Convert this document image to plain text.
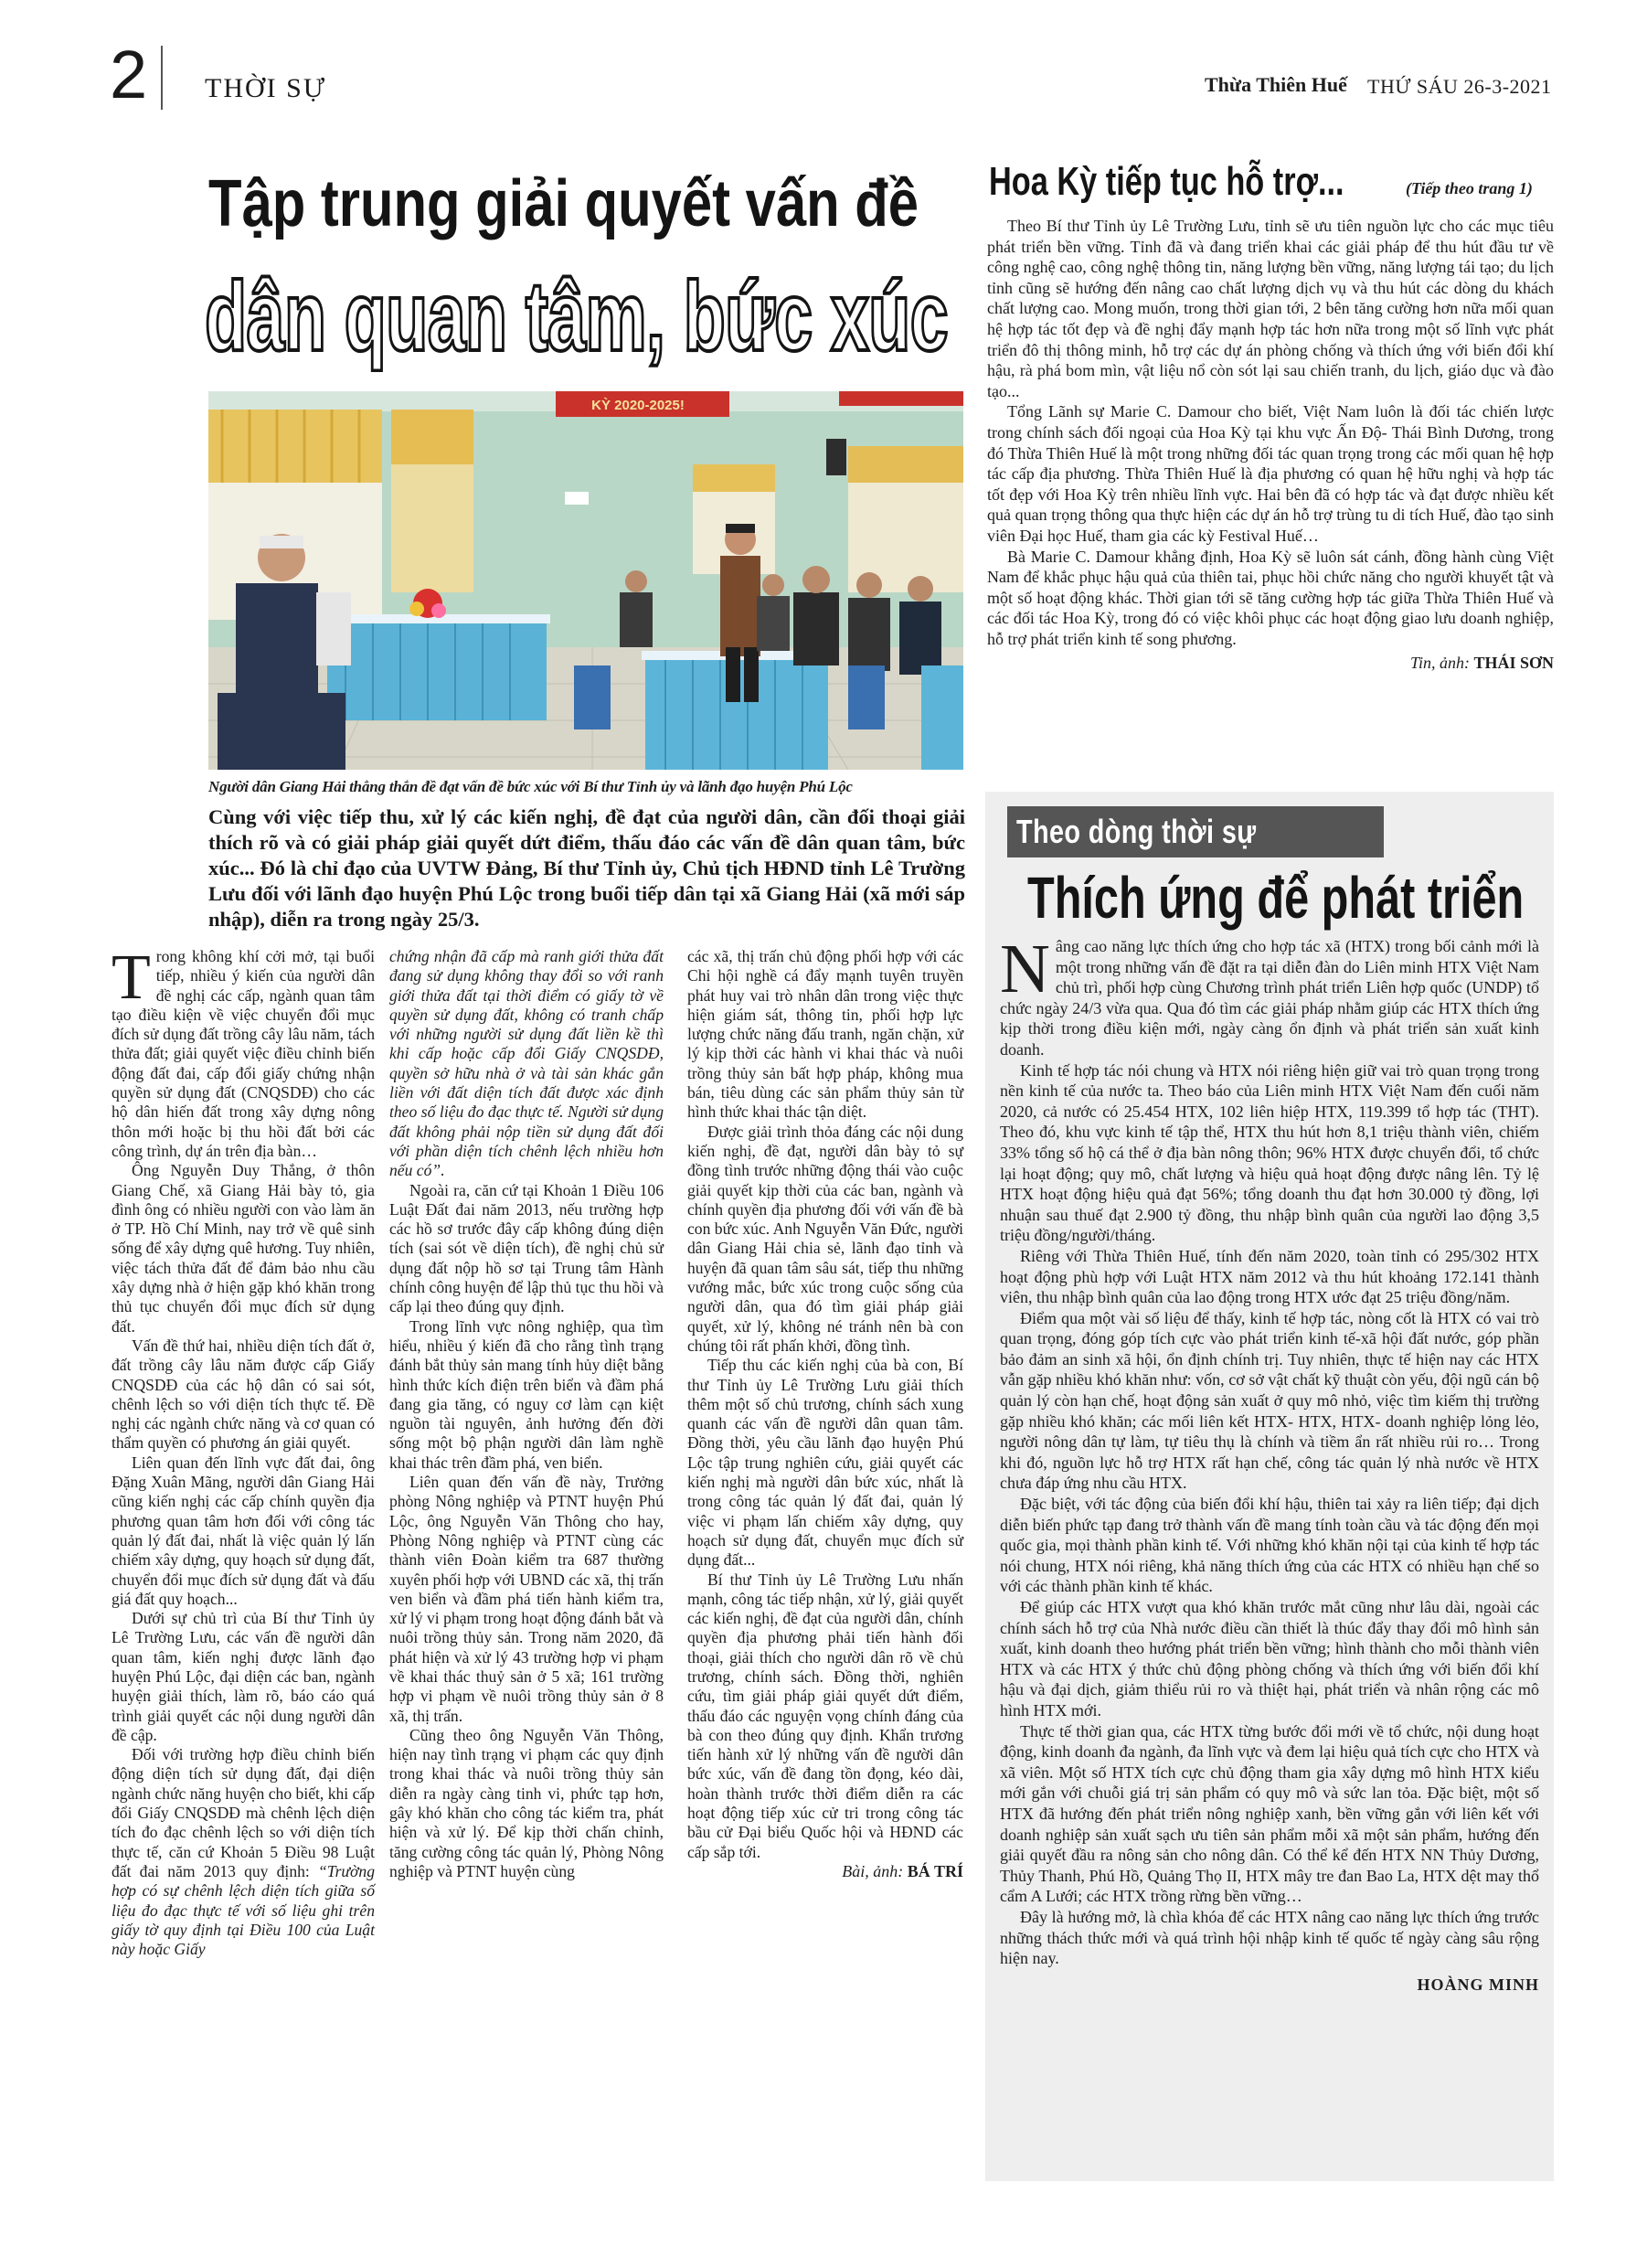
2 THỜI SỰ	Thừa Thiên Huế THỨ SÁU 26-3-2021
Tập trung giải quyết vấn đề
dân quan tâm, bức xúc
KỲ 2020-2025!
Người dân Giang Hải thẳng thắn đề đạt vấn đề bức xúc với Bí thư Tỉnh ủy và lãnh đạo huyện Phú Lộc
Cùng với việc tiếp thu, xử lý các kiến nghị, đề đạt của người dân, cần đối thoại giải thích rõ và có giải pháp giải quyết dứt điểm, thấu đáo các vấn đề dân quan tâm, bức xúc... Đó là chỉ đạo của UVTW Đảng, Bí thư Tỉnh ủy, Chủ tịch HĐND tỉnh Lê Trường Lưu đối với lãnh đạo huyện Phú Lộc trong buổi tiếp dân tại xã Giang Hải (xã mới sáp nhập), diễn ra trong ngày 25/3.

Trong không khí cởi mở, tại buổi tiếp, nhiều ý kiến của người dân đề nghị các cấp, ngành quan tâm tạo điều kiện về việc chuyển đổi mục đích sử dụng đất trồng cây lâu năm, tách thửa đất; giải quyết việc điều chỉnh biến động đất đai, cấp đổi giấy chứng nhận quyền sử dụng đất (CNQSDĐ) cho các hộ dân hiến đất trong xây dựng nông thôn mới hoặc bị thu hồi đất bởi các công trình, dự án trên địa bàn…

Ông Nguyễn Duy Thắng, ở thôn Giang Chế, xã Giang Hải bày tỏ, gia đình ông có nhiều người con vào làm ăn ở TP. Hồ Chí Minh, nay trở về quê sinh sống để xây dựng quê hương. Tuy nhiên, việc tách thửa đất để đảm bảo nhu cầu xây dựng nhà ở hiện gặp khó khăn trong thủ tục chuyển đổi mục đích sử dụng đất.

Vấn đề thứ hai, nhiều diện tích đất ở, đất trồng cây lâu năm được cấp Giấy CNQSDĐ của các hộ dân có sai sót, chênh lệch so với diện tích thực tế. Đề nghị các ngành chức năng và cơ quan có thẩm quyền có phương án giải quyết.

Liên quan đến lĩnh vực đất đai, ông Đặng Xuân Mãng, người dân Giang Hải cũng kiến nghị các cấp chính quyền địa phương quan tâm hơn đối với công tác quản lý đất đai, nhất là việc quản lý lấn chiếm xây dựng, quy hoạch sử dụng đất, chuyển đổi mục đích sử dụng đất và đấu giá đất quy hoạch...

Dưới sự chủ trì của Bí thư Tỉnh ủy Lê Trường Lưu, các vấn đề người dân quan tâm, kiến nghị được lãnh đạo huyện Phú Lộc, đại diện các ban, ngành huyện giải thích, làm rõ, báo cáo quá trình giải quyết các nội dung người dân đề cập.

Đối với trường hợp điều chỉnh biến động diện tích sử dụng đất, đại diện ngành chức năng huyện cho biết, khi cấp đổi Giấy CNQSDĐ mà chênh lệch diện tích đo đạc chênh lệch so với diện tích thực tế, căn cứ Khoản 5 Điều 98 Luật đất đai năm 2013 quy định: “Trường hợp có sự chênh lệch diện tích giữa số liệu đo đạc thực tế với số liệu ghi trên giấy tờ quy định tại Điều 100 của Luật này hoặc Giấy

chứng nhận đã cấp mà ranh giới thửa đất đang sử dụng không thay đổi so với ranh giới thửa đất tại thời điểm có giấy tờ về quyền sử dụng đất, không có tranh chấp với những người sử dụng đất liền kề thì khi cấp hoặc cấp đổi Giấy CNQSDĐ, quyền sở hữu nhà ở và tài sản khác gắn liền với đất diện tích đất được xác định theo số liệu đo đạc thực tế. Người sử dụng đất không phải nộp tiền sử dụng đất đối với phần diện tích chênh lệch nhiều hơn nếu có”.

Ngoài ra, căn cứ tại Khoản 1 Điều 106 Luật Đất đai năm 2013, nếu trường hợp các hồ sơ trước đây cấp không đúng diện tích (sai sót về diện tích), đề nghị chủ sử dụng đất nộp hồ sơ tại Trung tâm Hành chính công huyện để lập thủ tục thu hồi và cấp lại theo đúng quy định.

Trong lĩnh vực nông nghiệp, qua tìm hiểu, nhiều ý kiến đã cho rằng tình trạng đánh bắt thủy sản mang tính hủy diệt bằng hình thức kích điện trên biển và đầm phá đang gia tăng, có nguy cơ làm cạn kiệt nguồn tài nguyên, ảnh hưởng đến đời sống một bộ phận người dân làm nghề khai thác trên đầm phá, ven biển.

Liên quan đến vấn đề này, Trưởng phòng Nông nghiệp và PTNT huyện Phú Lộc, ông Nguyễn Văn Thông cho hay, Phòng Nông nghiệp và PTNT cùng các thành viên Đoàn kiểm tra 687 thường xuyên phối hợp với UBND các xã, thị trấn ven biển và đầm phá tiến hành kiểm tra, xử lý vi phạm trong hoạt động đánh bắt và nuôi trồng thủy sản. Trong năm 2020, đã phát hiện và xử lý 43 trường hợp vi phạm về khai thác thuỷ sản ở 5 xã; 161 trường hợp vi phạm về nuôi trồng thủy sản ở 8 xã, thị trấn.

Cũng theo ông Nguyễn Văn Thông, hiện nay tình trạng vi phạm các quy định trong khai thác và nuôi trồng thủy sản diễn ra ngày càng tinh vi, phức tạp hơn, gây khó khăn cho công tác kiểm tra, phát hiện và xử lý. Để kịp thời chấn chỉnh, tăng cường công tác quản lý, Phòng Nông nghiệp và PTNT huyện cùng

các xã, thị trấn chủ động phối hợp với các Chi hội nghề cá đẩy mạnh tuyên truyền phát huy vai trò nhân dân trong việc thực hiện giám sát, thông tin, phối hợp lực lượng chức năng đấu tranh, ngăn chặn, xử lý kịp thời các hành vi khai thác và nuôi trồng thủy sản bất hợp pháp, không mua bán, tiêu dùng các sản phẩm thủy sản từ hình thức khai thác tận diệt.

Được giải trình thỏa đáng các nội dung kiến nghị, đề đạt, người dân bày tỏ sự đồng tình trước những động thái vào cuộc giải quyết kịp thời của các ban, ngành và chính quyền địa phương đối với vấn đề bà con bức xúc. Anh Nguyễn Văn Đức, người dân Giang Hải chia sẻ, lãnh đạo tỉnh và huyện đã quan tâm sâu sát, tiếp thu những vướng mắc, bức xúc trong cuộc sống của người dân, qua đó tìm giải pháp giải quyết, xử lý, không né tránh nên bà con chúng tôi rất phấn khởi, đồng tình.

Tiếp thu các kiến nghị của bà con, Bí thư Tỉnh ủy Lê Trường Lưu giải thích thêm một số chủ trương, chính sách xung quanh các vấn đề người dân quan tâm. Đồng thời, yêu cầu lãnh đạo huyện Phú Lộc tập trung nghiên cứu, giải quyết các kiến nghị mà người dân bức xúc, nhất là trong công tác quản lý đất đai, quản lý việc vi phạm lấn chiếm xây dựng, quy hoạch sử dụng đất, chuyển mục đích sử dụng đất...

Bí thư Tỉnh ủy Lê Trường Lưu nhấn mạnh, công tác tiếp nhận, xử lý, giải quyết các kiến nghị, đề đạt của người dân, chính quyền địa phương phải tiến hành đối thoại, giải thích cho người dân rõ về chủ trương, chính sách. Đồng thời, nghiên cứu, tìm giải pháp giải quyết dứt điểm, thấu đáo các nguyện vọng chính đáng của bà con theo đúng quy định. Khẩn trương tiến hành xử lý những vấn đề người dân bức xúc, vấn đề đang tồn đọng, kéo dài, hoàn thành trước thời điểm diễn ra các hoạt động tiếp xúc cử tri trong công tác bầu cử Đại biểu Quốc hội và HĐND các cấp sắp tới.

Bài, ảnh: BÁ TRÍ
Hoa Kỳ tiếp tục hỗ trợ...	(Tiếp theo trang 1)

Theo Bí thư Tỉnh ủy Lê Trường Lưu, tỉnh sẽ ưu tiên nguồn lực cho các mục tiêu phát triển bền vững. Tỉnh đã và đang triển khai các giải pháp để thu hút đầu tư về công nghệ cao, công nghệ thông tin, năng lượng bền vững, năng lượng tái tạo; du lịch tỉnh cũng sẽ hướng đến nâng cao chất lượng dịch vụ và thu hút các dòng du khách chất lượng cao. Mong muốn, trong thời gian tới, 2 bên tăng cường hơn nữa mối quan hệ hợp tác tốt đẹp và đề nghị đẩy mạnh hợp tác hơn nữa trong một số lĩnh vực phát triển đô thị thông minh, hỗ trợ các dự án phòng chống và thích ứng với biến đổi khí hậu, rà phá bom mìn, vật liệu nổ còn sót lại sau chiến tranh, du lịch, giáo dục và đào tạo...

Tổng Lãnh sự Marie C. Damour cho biết, Việt Nam luôn là đối tác chiến lược trong chính sách đối ngoại của Hoa Kỳ tại khu vực Ấn Độ- Thái Bình Dương, trong đó Thừa Thiên Huế là một trong những đối tác quan trọng trong các mối quan hệ hợp tác cấp địa phương. Thừa Thiên Huế là địa phương có quan hệ hữu nghị và hợp tác tốt đẹp với Hoa Kỳ trên nhiều lĩnh vực. Hai bên đã có hợp tác và đạt được nhiều kết quả quan trọng thông qua thực hiện các dự án hỗ trợ trùng tu di tích Huế, đào tạo sinh viên Đại học Huế, tham gia các kỳ Festival Huế…

Bà Marie C. Damour khẳng định, Hoa Kỳ sẽ luôn sát cánh, đồng hành cùng Việt Nam để khắc phục hậu quả của thiên tai, phục hồi chức năng cho người khuyết tật và một số hoạt động khác. Thời gian tới sẽ tăng cường hợp tác giữa Thừa Thiên Huế và các đối tác Hoa Kỳ, trong đó có việc khôi phục các hoạt động giao lưu doanh nghiệp, hỗ trợ phát triển kinh tế song phương.

Tin, ảnh: THÁI SƠN
Theo dòng thời sự
Thích ứng để phát triển

Nâng cao năng lực thích ứng cho hợp tác xã (HTX) trong bối cảnh mới là một trong những vấn đề đặt ra tại diễn đàn do Liên minh HTX Việt Nam chủ trì, phối hợp cùng Chương trình phát triển Liên hợp quốc (UNDP) tổ chức ngày 24/3 vừa qua. Qua đó tìm các giải pháp nhằm giúp các HTX thích ứng kịp thời trong điều kiện mới, ngày càng ổn định và phát triển sản xuất kinh doanh.

Kinh tế hợp tác nói chung và HTX nói riêng hiện giữ vai trò quan trọng trong nền kinh tế của nước ta. Theo báo của Liên minh HTX Việt Nam đến cuối năm 2020, cả nước có 25.454 HTX, 102 liên hiệp HTX, 119.399 tổ hợp tác (THT). Theo đó, khu vực kinh tế tập thể, HTX thu hút hơn 8,1 triệu thành viên, chiếm 33% tổng số hộ cá thể ở địa bàn nông thôn; 96% HTX được chuyển đổi, tổ chức lại hoạt động; quy mô, chất lượng và hiệu quả hoạt động được nâng lên. Tỷ lệ HTX hoạt động hiệu quả đạt 56%; tổng doanh thu đạt hơn 30.000 tỷ đồng, lợi nhuận sau thuế đạt 2.900 tỷ đồng, thu nhập bình quân của người lao động 3,5 triệu đồng/người/tháng.

Riêng với Thừa Thiên Huế, tính đến năm 2020, toàn tỉnh có 295/302 HTX hoạt động phù hợp với Luật HTX năm 2012 và thu hút khoảng 172.141 thành viên, thu nhập bình quân của lao động trong HTX ước đạt 25 triệu đồng/năm.

Điểm qua một vài số liệu để thấy, kinh tế hợp tác, nòng cốt là HTX có vai trò quan trọng, đóng góp tích cực vào phát triển kinh tế-xã hội đất nước, góp phần bảo đảm an sinh xã hội, ổn định chính trị. Tuy nhiên, thực tế hiện nay các HTX vẫn gặp nhiều khó khăn như: vốn, cơ sở vật chất kỹ thuật còn yếu, đội ngũ cán bộ quản lý còn hạn chế, hoạt động sản xuất ở quy mô nhỏ, việc tìm kiếm thị trường gặp nhiều khó khăn; các mối liên kết HTX- HTX, HTX- doanh nghiệp lỏng lẻo, người nông dân tự làm, tự tiêu thụ là chính và tiềm ẩn rất nhiều rủi ro… Trong khi đó, nguồn lực hỗ trợ HTX rất hạn chế, công tác quản lý nhà nước về HTX chưa đáp ứng nhu cầu HTX.

Đặc biệt, với tác động của biến đổi khí hậu, thiên tai xảy ra liên tiếp; đại dịch diễn biến phức tạp đang trở thành vấn đề mang tính toàn cầu và tác động đến mọi quốc gia, mọi thành phần kinh tế. Với những khó khăn nội tại của kinh tế hợp tác nói chung, HTX nói riêng, khả năng thích ứng của các HTX có nhiều hạn chế so với các thành phần kinh tế khác.

Để giúp các HTX vượt qua khó khăn trước mắt cũng như lâu dài, ngoài các chính sách hỗ trợ của Nhà nước điều cần thiết là thúc đẩy thay đổi mô hình sản xuất, kinh doanh theo hướng phát triển bền vững; hình thành cho mỗi thành viên HTX và các HTX ý thức chủ động phòng chống và thích ứng với biến đổi khí hậu và đại dịch, giảm thiểu rủi ro và thiệt hại, phát triển và nhân rộng các mô hình HTX mới.

Thực tế thời gian qua, các HTX từng bước đổi mới về tổ chức, nội dung hoạt động, kinh doanh đa ngành, đa lĩnh vực và đem lại hiệu quả tích cực cho HTX và xã viên. Một số HTX tích cực chủ động tham gia xây dựng mô hình HTX kiểu mới gắn với chuỗi giá trị sản phẩm có quy mô và sức lan tỏa. Đặc biệt, một số HTX đã hướng đến phát triển nông nghiệp xanh, bền vững gắn với liên kết với doanh nghiệp sản xuất sạch ưu tiên sản phẩm mỗi xã một sản phẩm, hướng đến giải quyết đầu ra nông sản cho nông dân. Có thể kể đến HTX NN Thủy Dương, Thủy Thanh, Phú Hồ, Quảng Thọ II, HTX mây tre đan Bao La, HTX dệt may thổ cẩm A Lưới; các HTX trồng rừng bền vững…

Đây là hướng mở, là chìa khóa để các HTX nâng cao năng lực thích ứng trước những thách thức mới và quá trình hội nhập kinh tế quốc tế ngày càng sâu rộng hiện nay.

HOÀNG MINH
